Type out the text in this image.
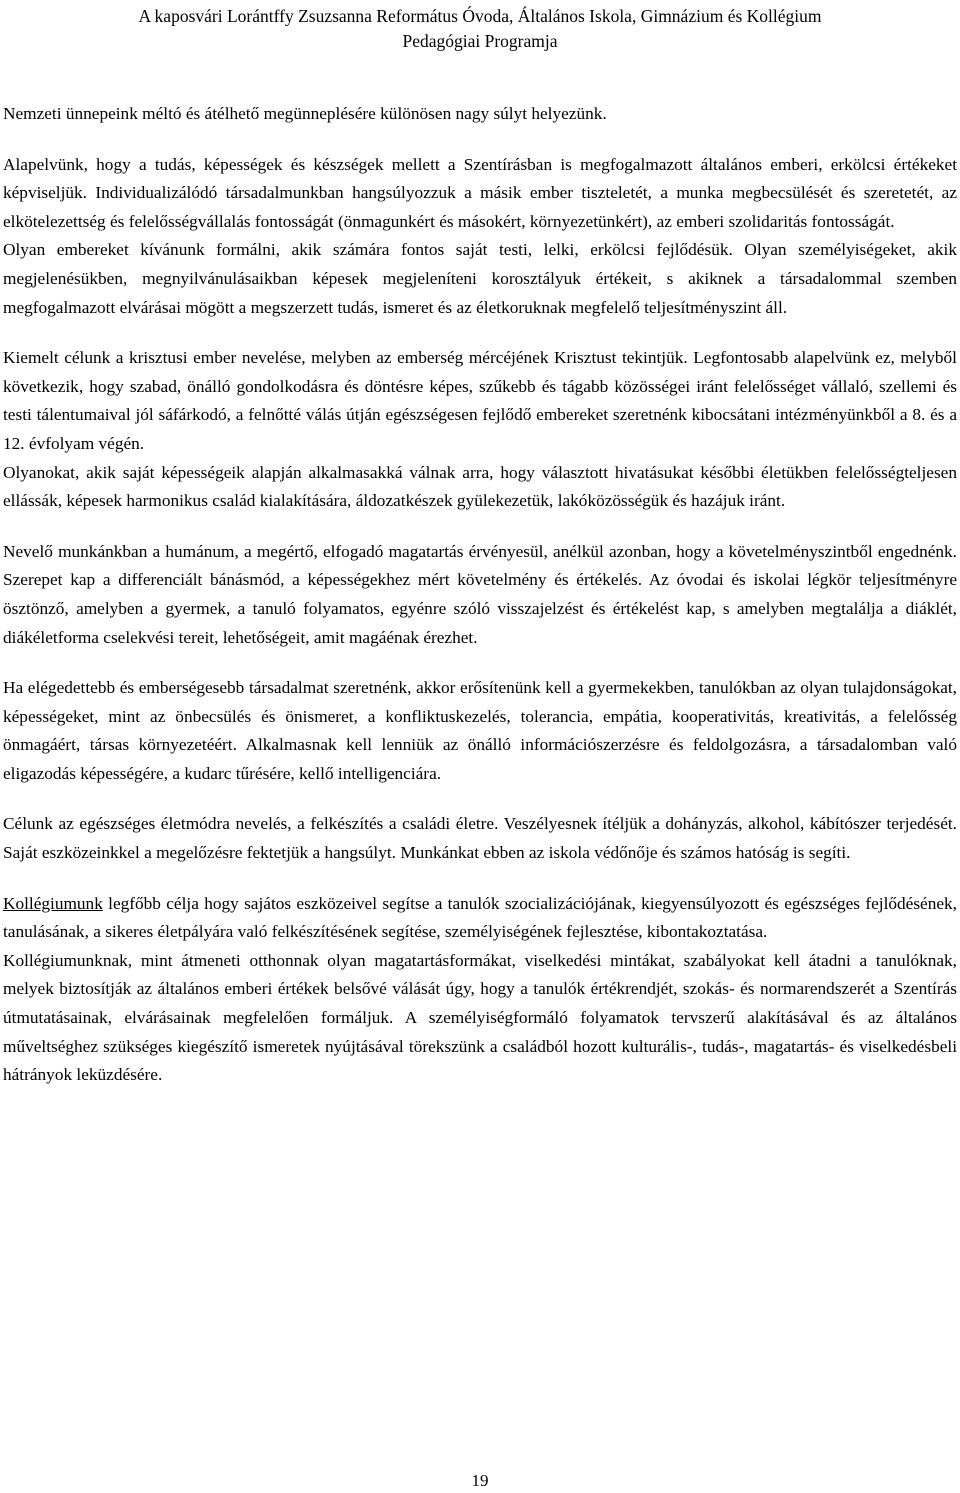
A kaposvári Lorántffy Zsuzsanna Református Óvoda, Általános Iskola, Gimnázium és Kollégium
Pedagógiai Programja

Nemzeti ünnepeink méltó és átélhető megünneplésére különösen nagy súlyt helyezünk.

Alapelvünk, hogy a tudás, képességek és készségek mellett a Szentírásban is megfogalmazott általános emberi, erkölcsi értékeket képviseljük. Individualizálódó társadalmunkban hangsúlyozzuk a másik ember tiszteletét, a munka megbecsülését és szeretetét, az elkötelezettség és felelősségvállalás fontosságát (önmagunkért és másokért, környezetünkért), az emberi szolidaritás fontosságát.

Olyan embereket kívánunk formálni, akik számára fontos saját testi, lelki, erkölcsi fejlődésük. Olyan személyiségeket, akik megjelenésükben, megnyilvánulásaikban képesek megjeleníteni korosztályuk értékeit, s akiknek a társadalommal szemben megfogalmazott elvárásai mögött a megszerzett tudás, ismeret és az életkoruknak megfelelő teljesítményszint áll.

Kiemelt célunk a krisztusi ember nevelése, melyben az emberség mércéjének Krisztust tekintjük. Legfontosabb alapelvünk ez, melyből következik, hogy szabad, önálló gondolkodásra és döntésre képes, szűkebb és tágabb közösségei iránt felelősséget vállaló, szellemi és testi tálentumaival jól sáfárkodó, a felnőtté válás útján egészségesen fejlődő embereket szeretnénk kibocsátani intézményünkből a 8. és a 12. évfolyam végén.

Olyanokat, akik saját képességeik alapján alkalmasakká válnak arra, hogy választott hivatásukat későbbi életükben felelősségteljesen ellássák, képesek harmonikus család kialakítására, áldozatkészek gyülekezetük, lakóközösségük és hazájuk iránt.

Nevelő munkánkban a humánum, a megértő, elfogadó magatartás érvényesül, anélkül azonban, hogy a követelményszintből engednénk. Szerepet kap a differenciált bánásmód, a képességekhez mért követelmény és értékelés. Az óvodai és iskolai légkör teljesítményre ösztönző, amelyben a gyermek, a tanuló folyamatos, egyénre szóló visszajelzést és értékelést kap, s amelyben megtalálja a diáklét, diákéletforma cselekvési tereit, lehetőségeit, amit magáénak érezhet.

Ha elégedettebb és emberségesebb társadalmat szeretnénk, akkor erősítenünk kell a gyermekekben, tanulókban az olyan tulajdonságokat, képességeket, mint az önbecsülés és önismeret, a konfliktuskezelés, tolerancia, empátia, kooperativitás, kreativitás, a felelősség önmagáért, társas környezetéért. Alkalmasnak kell lenniük az önálló információszerzésre és feldolgozásra, a társadalomban való eligazodás képességére, a kudarc tűrésére, kellő intelligenciára.

Célunk az egészséges életmódra nevelés, a felkészítés a családi életre. Veszélyesnek ítéljük a dohányzás, alkohol, kábítószer terjedését. Saját eszközeinkkel a megelőzésre fektetjük a hangsúlyt. Munkánkat ebben az iskola védőnője és számos hatóság is segíti.

Kollégiumunk legfőbb célja hogy sajátos eszközeivel segítse a tanulók szocializációjának, kiegyensúlyozott és egészséges fejlődésének, tanulásának, a sikeres életpályára való felkészítésének segítése, személyiségének fejlesztése, kibontakoztatása.

Kollégiumunknak, mint átmeneti otthonnak olyan magatartásformákat, viselkedési mintákat, szabályokat kell átadni a tanulóknak, melyek biztosítják az általános emberi értékek belsővé válását úgy, hogy a tanulók értékrendjét, szokás- és normarendszerét a Szentírás útmutatásainak, elvárásainak megfelelően formáljuk. A személyiségformáló folyamatok tervszerű alakításával és az általános műveltséghez szükséges kiegészítő ismeretek nyújtásával törekszünk a családból hozott kulturális-, tudás-, magatartás- és viselkedésbeli hátrányok leküzdésére.

19
